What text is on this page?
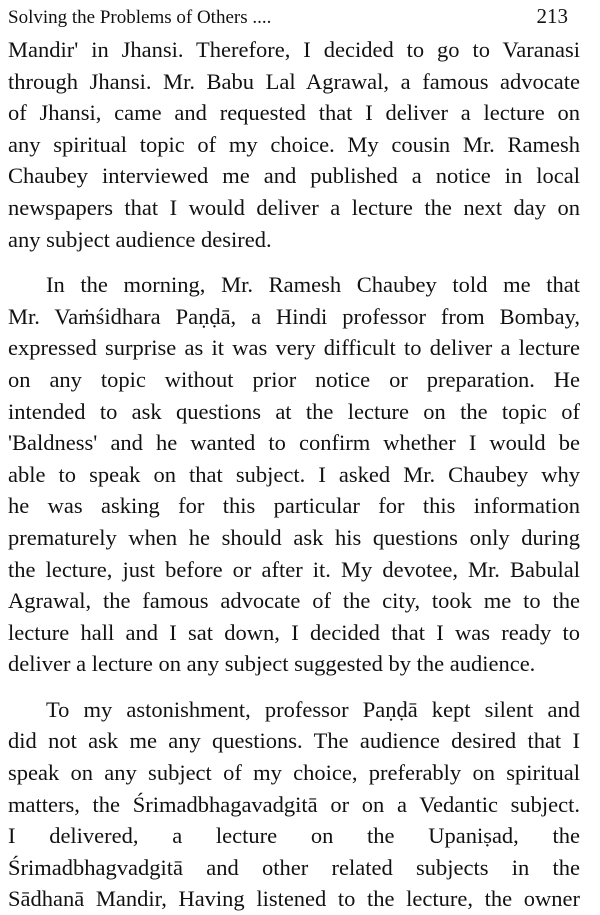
Solving the Problems of Others ....	213

Mandir' in Jhansi. Therefore, I decided to go to Varanasi
through Jhansi. Mr. Babu Lal Agrawal, a famous advocate
of Jhansi, came and requested that I deliver a lecture on
any spiritual topic of my choice. My cousin Mr. Ramesh
Chaubey interviewed me and published a notice in local
newspapers that I would deliver a lecture the next day on
any subject audience desired.

In the morning, Mr. Ramesh Chaubey told me that
Mr. Vaṁśidhara Paṇḍā, a Hindi professor from Bombay,
expressed surprise as it was very difficult to deliver a lecture
on any topic without prior notice or preparation. He
intended to ask questions at the lecture on the topic of
'Baldness' and he wanted to confirm whether I would be
able to speak on that subject. I asked Mr. Chaubey why
he was asking for this particular for this information
prematurely when he should ask his questions only during
the lecture, just before or after it. My devotee, Mr. Babulal
Agrawal, the famous advocate of the city, took me to the
lecture hall and I sat down, I decided that I was ready to
deliver a lecture on any subject suggested by the audience.

To my astonishment, professor Paṇḍā kept silent and
did not ask me any questions. The audience desired that I
speak on any subject of my choice, preferably on spiritual
matters, the Śrimadbhagavadgitā or on a Vedantic subject.
I delivered, a lecture on the Upaniṣad, the
Śrimadbhagvadgitā and other related subjects in the
Sādhanā Mandir, Having listened to the lecture, the owner
